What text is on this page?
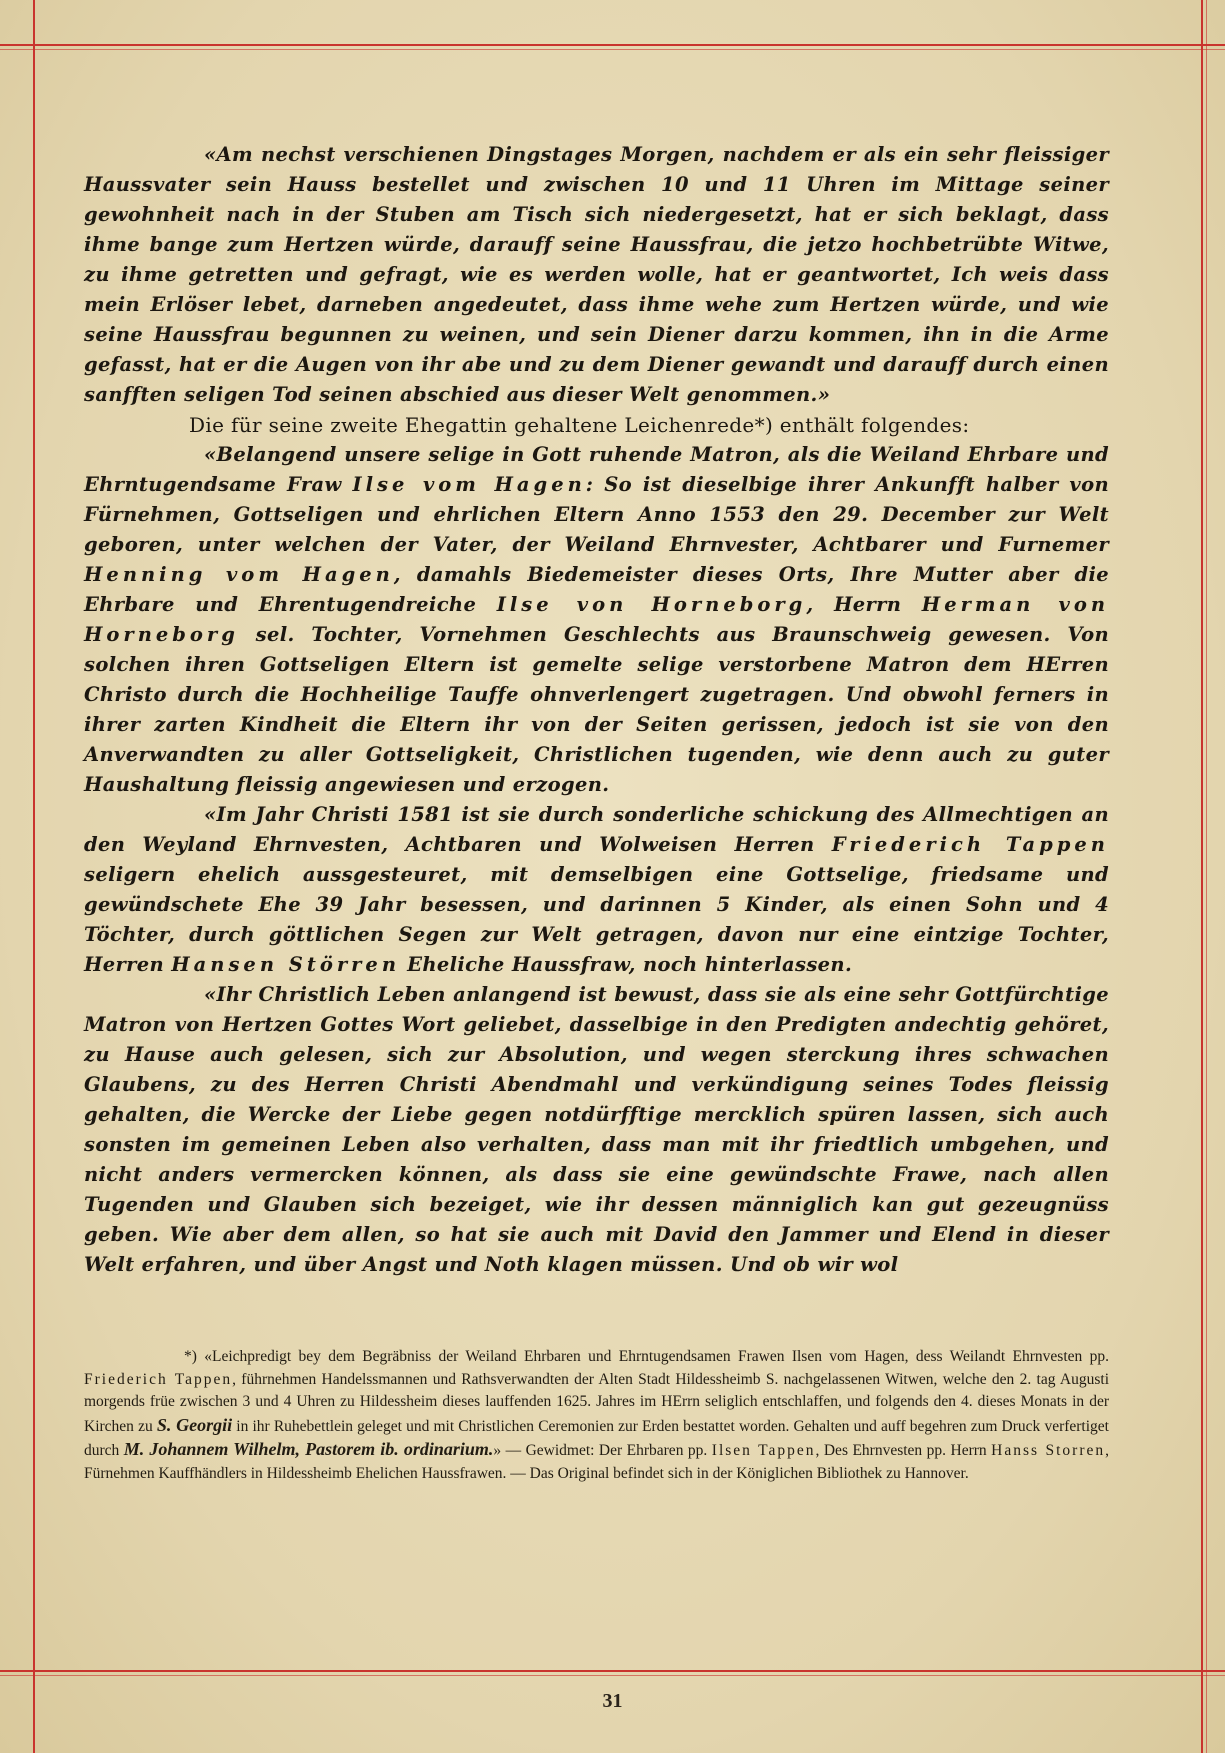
«Am nechst verschienen Dingstages Morgen, nachdem er als ein sehr fleissiger Haussvater sein Hauss bestellet und zwischen 10 und 11 Uhren im Mittage seiner gewohnheit nach in der Stuben am Tisch sich niedergesetzt, hat er sich beklagt, dass ihme bange zum Hertzen würde, darauff seine Haussfrau, die jetzo hochbetrübte Witwe, zu ihme getretten und gefragt, wie es werden wolle, hat er geantwortet, Ich weis dass mein Erlöser lebet, darneben angedeutet, dass ihme wehe zum Hertzen würde, und wie seine Haussfrau begunnen zu weinen, und sein Diener darzu kommen, ihn in die Arme gefasst, hat er die Augen von ihr abe und zu dem Diener gewandt und darauff durch einen sanfften seligen Tod seinen abschied aus dieser Welt genommen.»

Die für seine zweite Ehegattin gehaltene Leichenrede*) enthält folgendes:

«Belangend unsere selige in Gott ruhende Matron, als die Weiland Ehrbare und Ehrntugendsame Fraw Ilse vom Hagen: So ist dieselbige ihrer Ankunfft halber von Fürnehmen, Gottseligen und ehrlichen Eltern Anno 1553 den 29. December zur Welt geboren, unter welchen der Vater, der Weiland Ehrnvester, Achtbarer und Furnemer Henning vom Hagen, damahls Biedemeister dieses Orts, Ihre Mutter aber die Ehrbare und Ehrentugendreiche Ilse von Horneborg, Herrn Herman von Horneborg sel. Tochter, Vornehmen Geschlechts aus Braunschweig gewesen. Von solchen ihren Gottseligen Eltern ist gemelte selige verstorbene Matron dem HErren Christo durch die Hochheilige Tauffe ohnverlengert zugetragen. Und obwohl ferners in ihrer zarten Kindheit die Eltern ihr von der Seiten gerissen, jedoch ist sie von den Anverwandten zu aller Gottseligkeit, Christlichen tugenden, wie denn auch zu guter Haushaltung fleissig angewiesen und erzogen.

«Im Jahr Christi 1581 ist sie durch sonderliche schickung des Allmechtigen an den Weyland Ehrnvesten, Achtbaren und Wolweisen Herren Friederich Tappen seligern ehelich aussgesteuret, mit demselbigen eine Gottselige, friedsame und gewündschete Ehe 39 Jahr besessen, und darinnen 5 Kinder, als einen Sohn und 4 Töchter, durch göttlichen Segen zur Welt getragen, davon nur eine eintzige Tochter, Herren Hansen Störren Eheliche Haussfraw, noch hinterlassen.

«Ihr Christlich Leben anlangend ist bewust, dass sie als eine sehr Gottfürchtige Matron von Hertzen Gottes Wort geliebet, dasselbige in den Predigten andechtig gehöret, zu Hause auch gelesen, sich zur Absolution, und wegen sterckung ihres schwachen Glaubens, zu des Herren Christi Abendmahl und verkündigung seines Todes fleissig gehalten, die Wercke der Liebe gegen notdürfftige mercklich spüren lassen, sich auch sonsten im gemeinen Leben also verhalten, dass man mit ihr friedtlich umbgehen, und nicht anders vermercken können, als dass sie eine gewündschte Frawe, nach allen Tugenden und Glauben sich bezeiget, wie ihr dessen männiglich kan gut gezeugnüss geben. Wie aber dem allen, so hat sie auch mit David den Jammer und Elend in dieser Welt erfahren, und über Angst und Noth klagen müssen. Und ob wir wol

*) «Leichpredigt bey dem Begräbniss der Weiland Ehrbaren und Ehrntugendsamen Frawen Ilsen vom Hagen, dess Weilandt Ehrnvesten pp. Friederich Tappen, führnehmen Handelssmannen und Rathsverwandten der Alten Stadt Hildessheimb S. nachgelassenen Witwen, welche den 2. tag Augusti morgends früe zwischen 3 und 4 Uhren zu Hildessheim dieses lauffenden 1625. Jahres im HErrn seliglich entschlaffen, und folgends den 4. dieses Monats in der Kirchen zu S. Georgii in ihr Ruhebettlein geleget und mit Christlichen Ceremonien zur Erden bestattet worden. Gehalten und auff begehren zum Druck verfertiget durch M. Johannem Wilhelm, Pastorem ib. ordinarium.» — Gewidmet: Der Ehrbaren pp. Ilsen Tappen, Des Ehrnvesten pp. Herrn Hanss Storren, Fürnehmen Kauffhändlers in Hildessheimb Ehelichen Haussfrawen. — Das Original befindet sich in der Königlichen Bibliothek zu Hannover.
31
